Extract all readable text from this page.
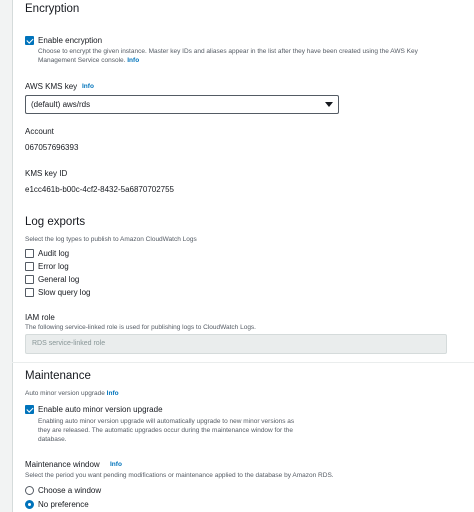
Encryption
Enable encryption
Choose to encrypt the given instance. Master key IDs and aliases appear in the list after they have been created using the AWS Key Management Service console. Info
AWS KMS key Info
(default) aws/rds
Account
067057696393
KMS key ID
e1cc461b-b00c-4cf2-8432-5a6870702755
Log exports
Select the log types to publish to Amazon CloudWatch Logs
Audit log
Error log
General log
Slow query log
IAM role
The following service-linked role is used for publishing logs to CloudWatch Logs.
RDS service-linked role
Maintenance
Auto minor version upgrade Info
Enable auto minor version upgrade
Enabling auto minor version upgrade will automatically upgrade to new minor versions as
they are released. The automatic upgrades occur during the maintenance window for the
database.
Maintenance window Info
Select the period you want pending modifications or maintenance applied to the database by Amazon RDS.
Choose a window
No preference
